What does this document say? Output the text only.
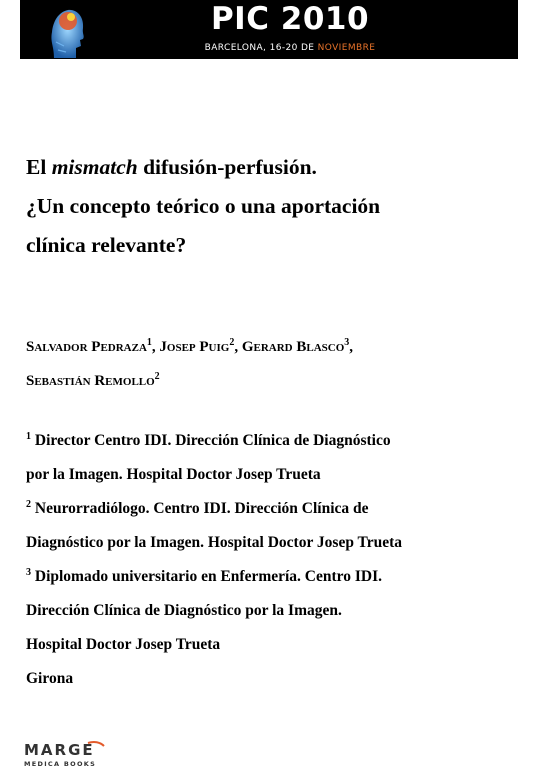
PIC 2010
BARCELONA, 16-20 DE NOVIEMBRE
El mismatch difusión-perfusión.
¿Un concepto teórico o una aportación
clínica relevante?
Salvador Pedraza$^1$, Josep Puig$^2$, Gerard Blasco$^3$,
Sebastián Remollo$^2$
$^1$ Director Centro IDI. Dirección Clínica de Diagnóstico
por la Imagen. Hospital Doctor Josep Trueta
$^2$ Neurorradiólogo. Centro IDI. Dirección Clínica de
Diagnóstico por la Imagen. Hospital Doctor Josep Trueta
$^3$ Diplomado universitario en Enfermería. Centro IDI.
Dirección Clínica de Diagnóstico por la Imagen.
Hospital Doctor Josep Trueta
Girona
MARGE
MEDICA BOOKS
